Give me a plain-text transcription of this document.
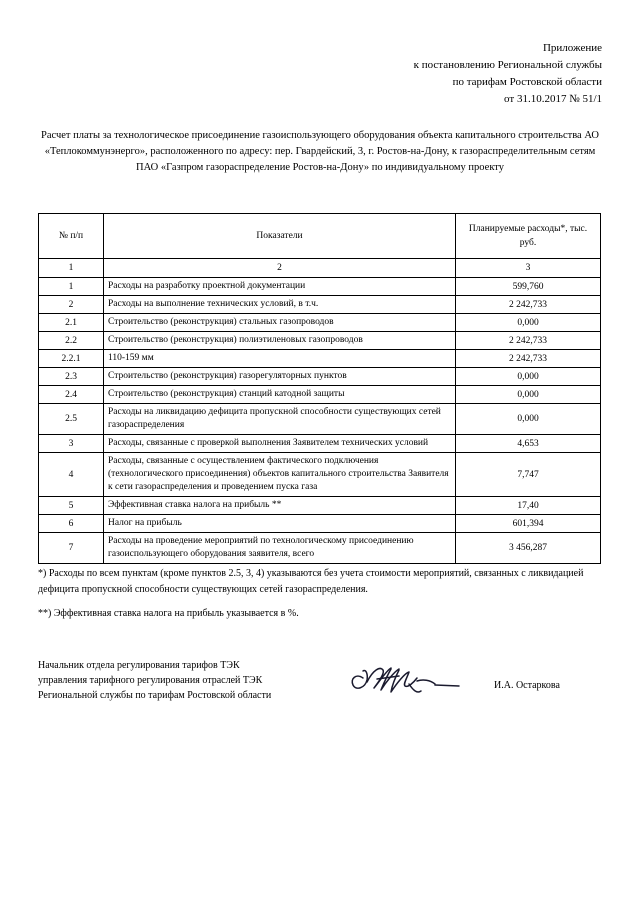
Приложение
к постановлению Региональной службы
по тарифам Ростовской области
от 31.10.2017 № 51/1
Расчет платы за технологическое присоединение газоиспользующего оборудования объекта капитального строительства АО «Теплокоммунэнерго», расположенного по адресу: пер. Гвардейский, 3, г. Ростов-на-Дону, к газораспределительным сетям ПАО «Газпром газораспределение Ростов-на-Дону» по индивидуальному проекту
№ п/п	Показатели	Планируемые расходы*, тыс. руб.
1	2	3
1	Расходы на разработку проектной документации	599,760
2	Расходы на выполнение технических условий, в т.ч.	2 242,733
2.1	Строительство (реконструкция) стальных газопроводов	0,000
2.2	Строительство (реконструкция) полиэтиленовых газопроводов	2 242,733
2.2.1	110-159 мм	2 242,733
2.3	Строительство (реконструкция) газорегуляторных пунктов	0,000
2.4	Строительство (реконструкция) станций катодной защиты	0,000
2.5	Расходы на ликвидацию дефицита пропускной способности существующих сетей газораспределения	0,000
3	Расходы, связанные с проверкой выполнения Заявителем технических условий	4,653
4	Расходы, связанные с осуществлением фактического подключения (технологического присоединения) объектов капитального строительства Заявителя к сети газораспределения и проведением пуска газа	7,747
5	Эффективная ставка налога на прибыль **	17,40
6	Налог на прибыль	601,394
7	Расходы на проведение мероприятий по технологическому присоединению газоиспользующего оборудования заявителя, всего	3 456,287

*) Расходы по всем пунктам (кроме пунктов 2.5, 3, 4) указываются без учета стоимости мероприятий, связанных с ликвидацией дефицита пропускной способности существующих сетей газораспределения.

**) Эффективная ставка налога на прибыль указывается в %.

Начальник отдела регулирования тарифов ТЭК
управления тарифного регулирования отраслей ТЭК
Региональной службы по тарифам Ростовской области
И.А. Остаркова
